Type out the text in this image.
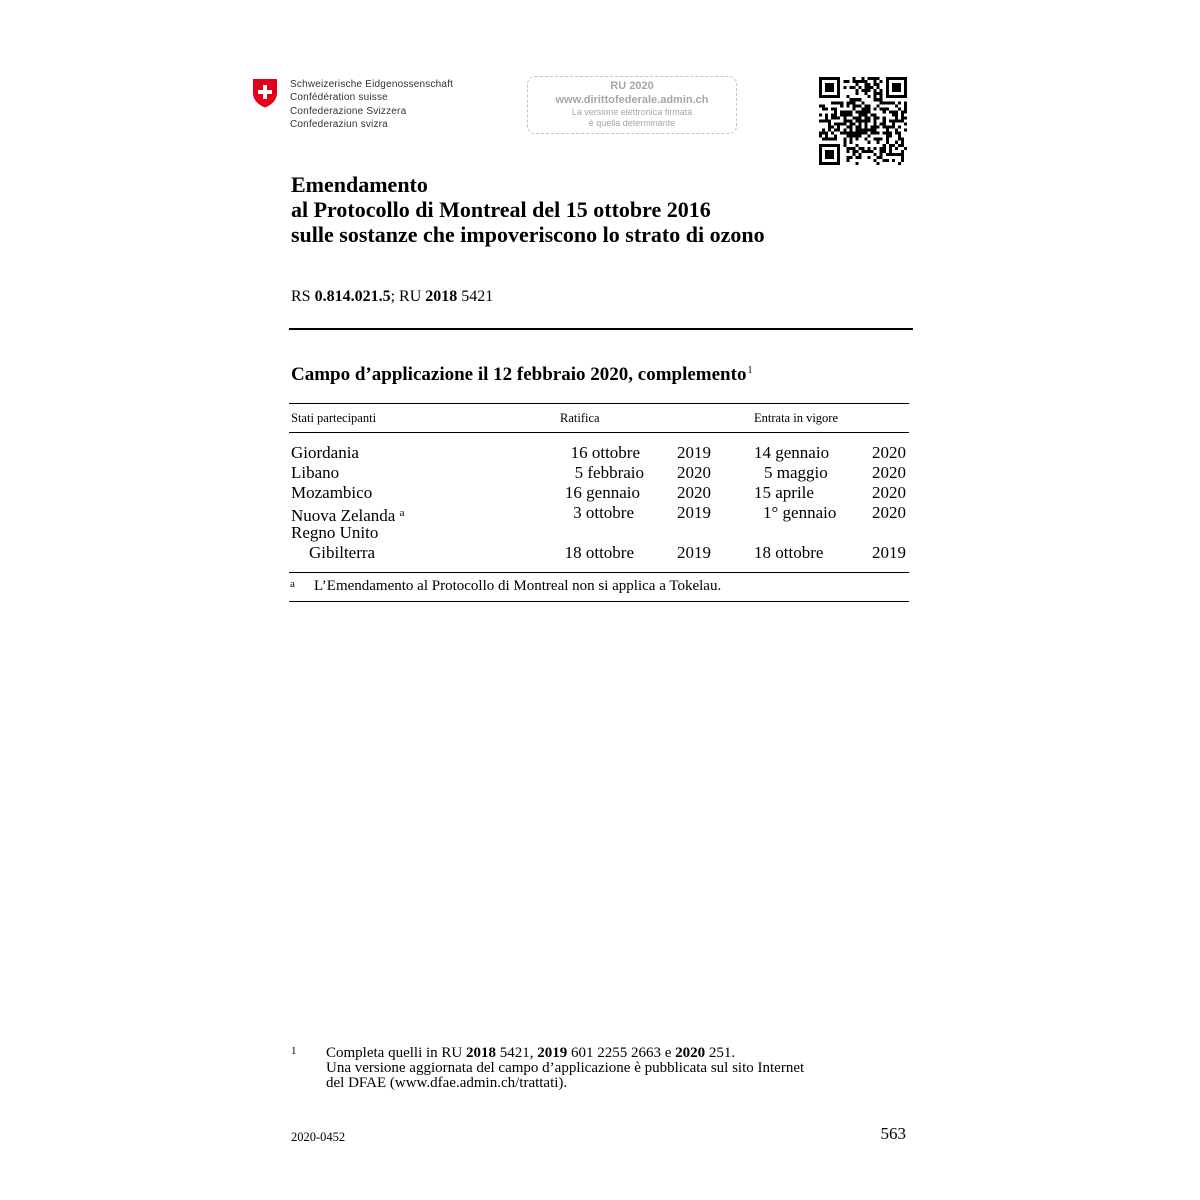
Schweizerische Eidgenossenschaft
Confédération suisse
Confederazione Svizzera
Confederaziun svizra
RU 2020
www.dirittofederale.admin.ch
La versione elettronica firmata
è quella determinante
Emendamento
al Protocollo di Montreal del 15 ottobre 2016
sulle sostanze che impoveriscono lo strato di ozono
RS 0.814.021.5; RU 2018 5421
Campo d’applicazione il 12 febbraio 2020, complemento$^1$
Stati partecipanti	Ratifica	Entrata in vigore
Giordania	16 ottobre	2019	14 gennaio	2020
Libano	5 febbraio	2020	5 maggio	2020
Mozambico	16 gennaio	2020	15 aprile	2020
Nuova Zelanda $^a$	3 ottobre	2019	1° gennaio	2020
Regno Unito
Gibilterra	18 ottobre	2019	18 ottobre	2019
a L’Emendamento al Protocollo di Montreal non si applica a Tokelau.
1 Completa quelli in RU 2018 5421, 2019 601 2255 2663 e 2020 251.
Una versione aggiornata del campo d’applicazione è pubblicata sul sito Internet
del DFAE (www.dfae.admin.ch/trattati).
2020-0452	563
